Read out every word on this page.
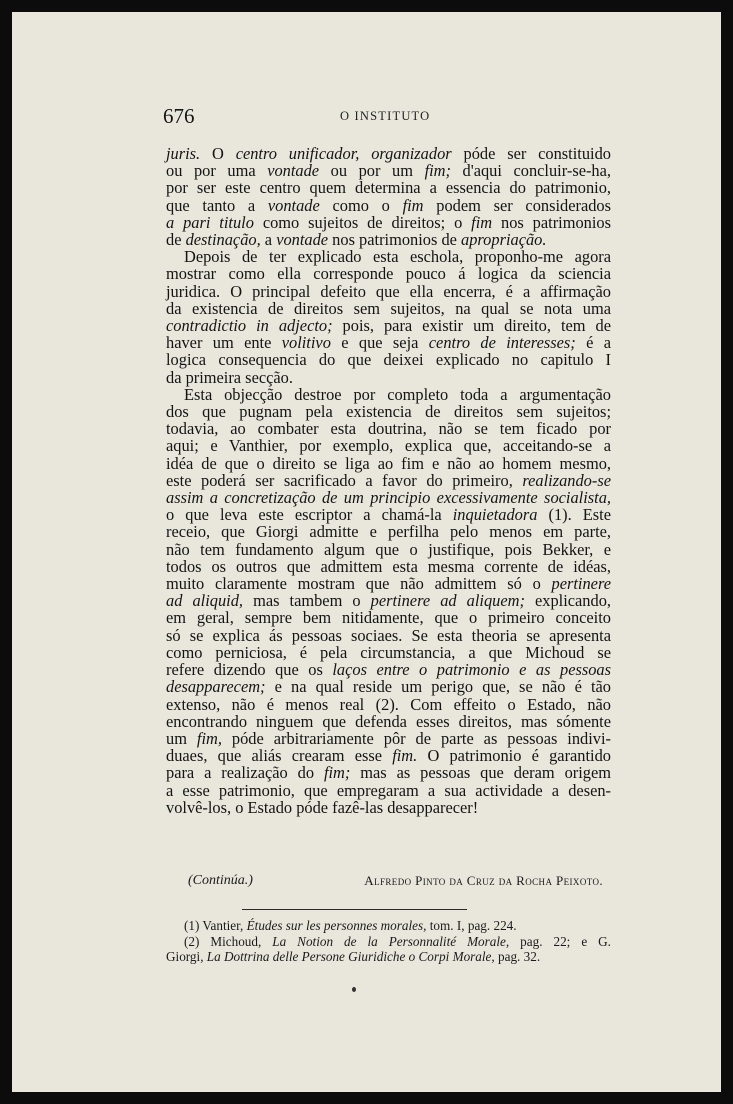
676	O INSTITUTO
juris. O centro unificador, organizador póde ser constituido
ou por uma vontade ou por um fim; d'aqui concluir-se-ha,
por ser este centro quem determina a essencia do patrimonio,
que tanto a vontade como o fim podem ser considerados
a pari titulo como sujeitos de direitos; o fim nos patrimonios
de destinação, a vontade nos patrimonios de apropriação.
Depois de ter explicado esta eschola, proponho-me agora
mostrar como ella corresponde pouco á logica da sciencia
juridica. O principal defeito que ella encerra, é a affirmação
da existencia de direitos sem sujeitos, na qual se nota uma
contradictio in adjecto; pois, para existir um direito, tem de
haver um ente volitivo e que seja centro de interesses; é a
logica consequencia do que deixei explicado no capitulo I
da primeira secção.
Esta objecção destroe por completo toda a argumentação
dos que pugnam pela existencia de direitos sem sujeitos;
todavia, ao combater esta doutrina, não se tem ficado por
aqui; e Vanthier, por exemplo, explica que, acceitando-se a
idéa de que o direito se liga ao fim e não ao homem mesmo,
este poderá ser sacrificado a favor do primeiro, realizando-se
assim a concretização de um principio excessivamente socialista,
o que leva este escriptor a chamá-la inquietadora (1). Este
receio, que Giorgi admitte e perfilha pelo menos em parte,
não tem fundamento algum que o justifique, pois Bekker, e
todos os outros que admittem esta mesma corrente de idéas,
muito claramente mostram que não admittem só o pertinere
ad aliquid, mas tambem o pertinere ad aliquem; explicando,
em geral, sempre bem nitidamente, que o primeiro conceito
só se explica ás pessoas sociaes. Se esta theoria se apresenta
como perniciosa, é pela circumstancia, a que Michoud se
refere dizendo que os laços entre o patrimonio e as pessoas
desapparecem; e na qual reside um perigo que, se não é tão
extenso, não é menos real (2). Com effeito o Estado, não
encontrando ninguem que defenda esses direitos, mas sómente
um fim, póde arbitrariamente pôr de parte as pessoas indivi-
duaes, que aliás crearam esse fim. O patrimonio é garantido
para a realização do fim; mas as pessoas que deram origem
a esse patrimonio, que empregaram a sua actividade a desen-
volvê-los, o Estado póde fazê-las desapparecer!
(Continúa.)	Alfredo Pinto da Cruz da Rocha Peixoto.
(1) Vantier, Études sur les personnes morales, tom. I, pag. 224.
(2) Michoud, La Notion de la Personnalité Morale, pag. 22; e G.
Giorgi, La Dottrina delle Persone Giuridiche o Corpi Morale, pag. 32.
